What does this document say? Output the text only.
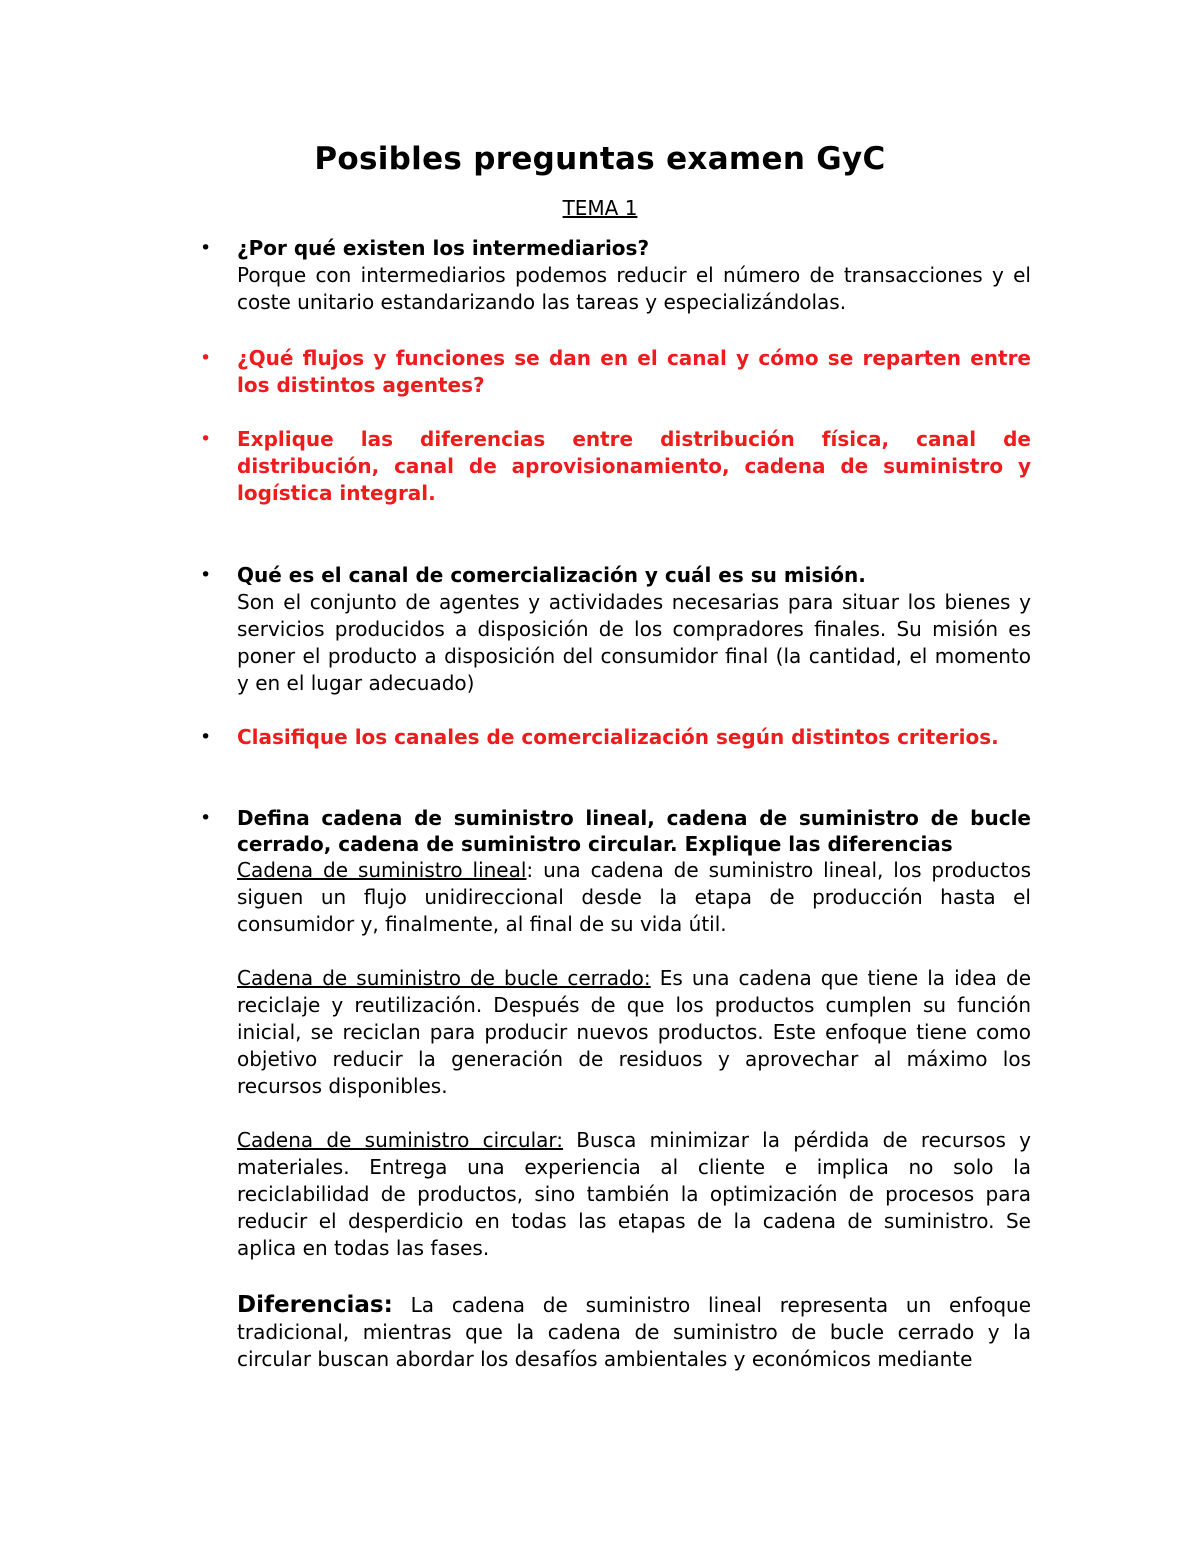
Posibles preguntas examen GyC
TEMA 1
• ¿Por qué existen los intermediarios?

Porque con intermediarios podemos reducir el número de transacciones y el coste unitario estandarizando las tareas y especializándolas.

• ¿Qué flujos y funciones se dan en el canal y cómo se reparten entre los distintos agentes?

• Explique las diferencias entre distribución física, canal de distribución, canal de aprovisionamiento, cadena de suministro y logística integral.

• Qué es el canal de comercialización y cuál es su misión.

Son el conjunto de agentes y actividades necesarias para situar los bienes y servicios producidos a disposición de los compradores finales. Su misión es poner el producto a disposición del consumidor final (la cantidad, el momento y en el lugar adecuado)

• Clasifique los canales de comercialización según distintos criterios.

• Defina cadena de suministro lineal, cadena de suministro de bucle cerrado, cadena de suministro circular. Explique las diferencias

Cadena de suministro lineal: una cadena de suministro lineal, los productos siguen un flujo unidireccional desde la etapa de producción hasta el consumidor y, finalmente, al final de su vida útil.

Cadena de suministro de bucle cerrado: Es una cadena que tiene la idea de reciclaje y reutilización. Después de que los productos cumplen su función inicial, se reciclan para producir nuevos productos. Este enfoque tiene como objetivo reducir la generación de residuos y aprovechar al máximo los recursos disponibles.

Cadena de suministro circular: Busca minimizar la pérdida de recursos y materiales. Entrega una experiencia al cliente e implica no solo la reciclabilidad de productos, sino también la optimización de procesos para reducir el desperdicio en todas las etapas de la cadena de suministro. Se aplica en todas las fases.

Diferencias: La cadena de suministro lineal representa un enfoque tradicional, mientras que la cadena de suministro de bucle cerrado y la circular buscan abordar los desafíos ambientales y económicos mediante
